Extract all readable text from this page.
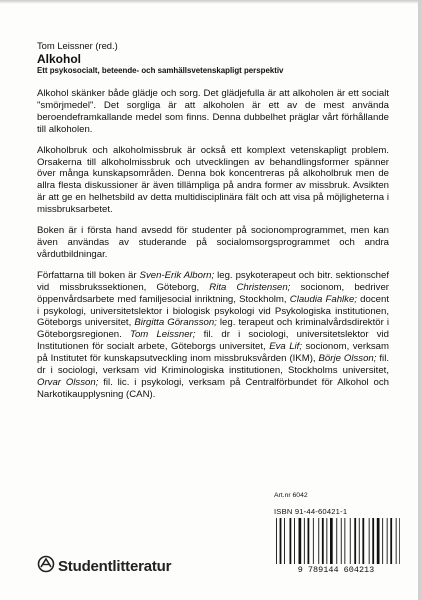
Tom Leissner (red.)
Alkohol
Ett psykosocialt, beteende- och samhällsvetenskapligt perspektiv

Alkohol skänker både glädje och sorg. Det glädjefulla är att alkoholen är ett socialt "smörjmedel". Det sorgliga är att alkoholen är ett av de mest använda beroendeframkallande medel som finns. Denna dubbelhet präglar vårt förhållande till alkoholen.

Alkoholbruk och alkoholmissbruk är också ett komplext vetenskapligt problem. Orsakerna till alkoholmissbruk och utvecklingen av behandlingsformer spänner över många kunskapsområden. Denna bok koncentreras på alkoholbruk men de allra flesta diskussioner är även tillämpliga på andra former av missbruk. Avsikten är att ge en helhetsbild av detta multidisciplinära fält och att visa på möjligheterna i missbruksarbetet.

Boken är i första hand avsedd för studenter på socionomprogrammet, men kan även användas av studerande på socialomsorgsprogrammet och andra vårdutbildningar.

Författarna till boken är Sven-Erik Alborn; leg. psykoterapeut och bitr. sektionschef vid missbrukssektionen, Göteborg, Rita Christensen; socionom, bedriver öppenvårdsarbete med familjesocial inriktning, Stockholm, Claudia Fahlke; docent i psykologi, universitetslektor i biologisk psykologi vid Psykologiska institutionen, Göteborgs universitet, Birgitta Göransson; leg. terapeut och kriminalvårdsdirektör i Göteborgsregionen. Tom Leissner; fil. dr i sociologi, universitetslektor vid Institutionen för socialt arbete, Göteborgs universitet, Eva Lif; socionom, verksam på Institutet för kunskapsutveckling inom missbruksvården (IKM), Börje Olsson; fil. dr i sociologi, verksam vid Kriminologiska institutionen, Stockholms universitet, Orvar Olsson; fil. lic. i psykologi, verksam på Centralförbundet för Alkohol och Narkotikaupplysning (CAN).

Art.nr 6042
ISBN 91-44-60421-1
9 789144 604213
Studentlitteratur
